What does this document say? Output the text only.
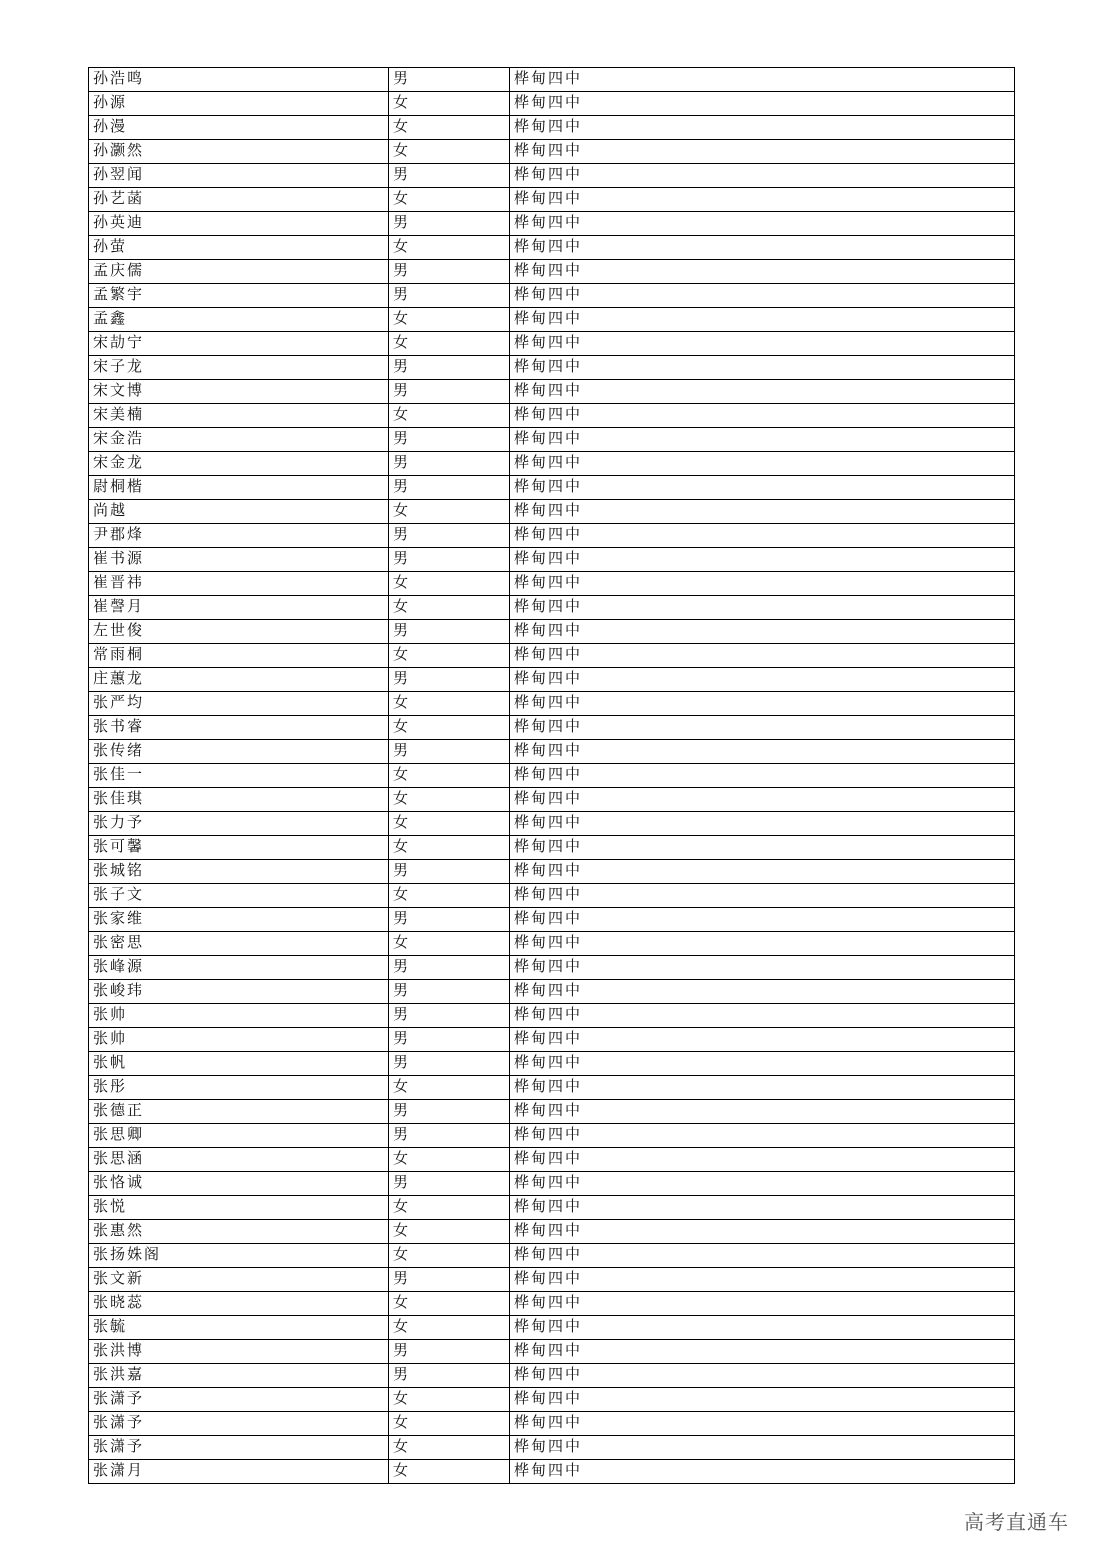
孙浩鸣	男	桦甸四中
孙源	女	桦甸四中
孙漫	女	桦甸四中
孙灏然	女	桦甸四中
孙翌闻	男	桦甸四中
孙艺菡	女	桦甸四中
孙英迪	男	桦甸四中
孙萤	女	桦甸四中
孟庆儒	男	桦甸四中
孟繁宇	男	桦甸四中
孟鑫	女	桦甸四中
宋劼宁	女	桦甸四中
宋子龙	男	桦甸四中
宋文博	男	桦甸四中
宋美楠	女	桦甸四中
宋金浩	男	桦甸四中
宋金龙	男	桦甸四中
尉桐楷	男	桦甸四中
尚越	女	桦甸四中
尹郡烽	男	桦甸四中
崔书源	男	桦甸四中
崔晋祎	女	桦甸四中
崔謦月	女	桦甸四中
左世俊	男	桦甸四中
常雨桐	女	桦甸四中
庄蕙龙	男	桦甸四中
张严均	女	桦甸四中
张书睿	女	桦甸四中
张传绪	男	桦甸四中
张佳一	女	桦甸四中
张佳琪	女	桦甸四中
张力予	女	桦甸四中
张可馨	女	桦甸四中
张城铭	男	桦甸四中
张子文	女	桦甸四中
张家维	男	桦甸四中
张密思	女	桦甸四中
张峰源	男	桦甸四中
张峻玮	男	桦甸四中
张帅	男	桦甸四中
张帅	男	桦甸四中
张帆	男	桦甸四中
张彤	女	桦甸四中
张德正	男	桦甸四中
张思卿	男	桦甸四中
张思涵	女	桦甸四中
张恪诚	男	桦甸四中
张悦	女	桦甸四中
张惠然	女	桦甸四中
张扬姝阁	女	桦甸四中
张文新	男	桦甸四中
张晓蕊	女	桦甸四中
张毓	女	桦甸四中
张洪博	男	桦甸四中
张洪嘉	男	桦甸四中
张潇予	女	桦甸四中
张潇予	女	桦甸四中
张潇予	女	桦甸四中
张潇月	女	桦甸四中
高考直通车
